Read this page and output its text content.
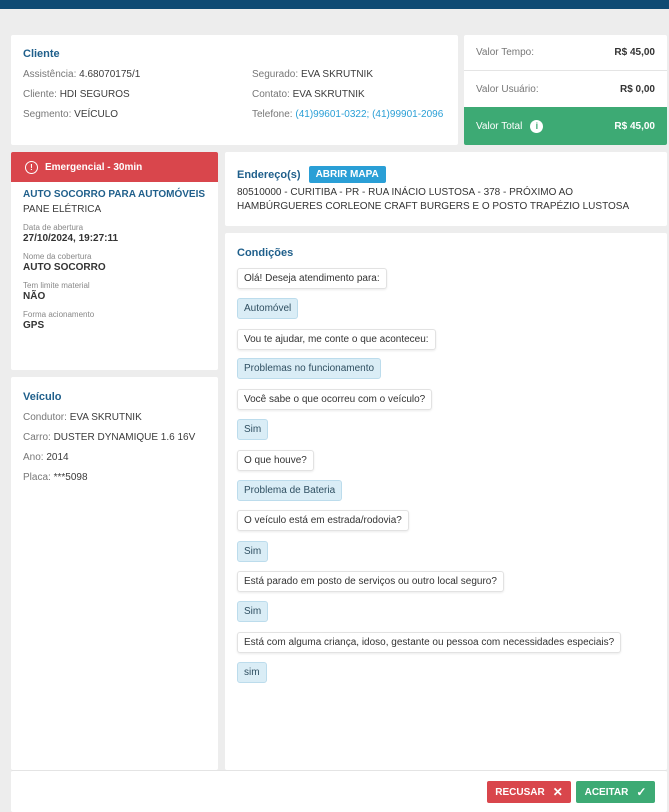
Cliente
Assistência: 4.68070175/1
Cliente: HDI SEGUROS
Segmento: VEÍCULO
Segurado: EVA SKRUTNIK
Contato: EVA SKRUTNIK
Telefone: (41)99601-0322; (41)99901-2096
Valor Tempo:	R$ 45,00
Valor Usuário:	R$ 0,00
Valor Total i	R$ 45,00
!	Emergencial - 30min
AUTO SOCORRO PARA AUTOMÓVEIS
PANE ELÉTRICA
Data de abertura
27/10/2024, 19:27:11
Nome da cobertura
AUTO SOCORRO
Tem limite material
NÃO
Forma acionamento
GPS
Veículo
Condutor: EVA SKRUTNIK
Carro: DUSTER DYNAMIQUE 1.6 16V
Ano: 2014
Placa: ***5098
Endereço(s)	ABRIR MAPA
80510000 - CURITIBA - PR - RUA INÁCIO LUSTOSA - 378 - PRÓXIMO AO HAMBÚRGUERES CORLEONE CRAFT BURGERS E O POSTO TRAPÉZIO LUSTOSA
Condições
Olá! Deseja atendimento para:
Automóvel
Vou te ajudar, me conte o que aconteceu:
Problemas no funcionamento
Você sabe o que ocorreu com o veículo?
Sim
O que houve?
Problema de Bateria
O veículo está em estrada/rodovia?
Sim
Está parado em posto de serviços ou outro local seguro?
Sim
Está com alguma criança, idoso, gestante ou pessoa com necessidades especiais?
sim
RECUSAR ✕ ACEITAR ✓
